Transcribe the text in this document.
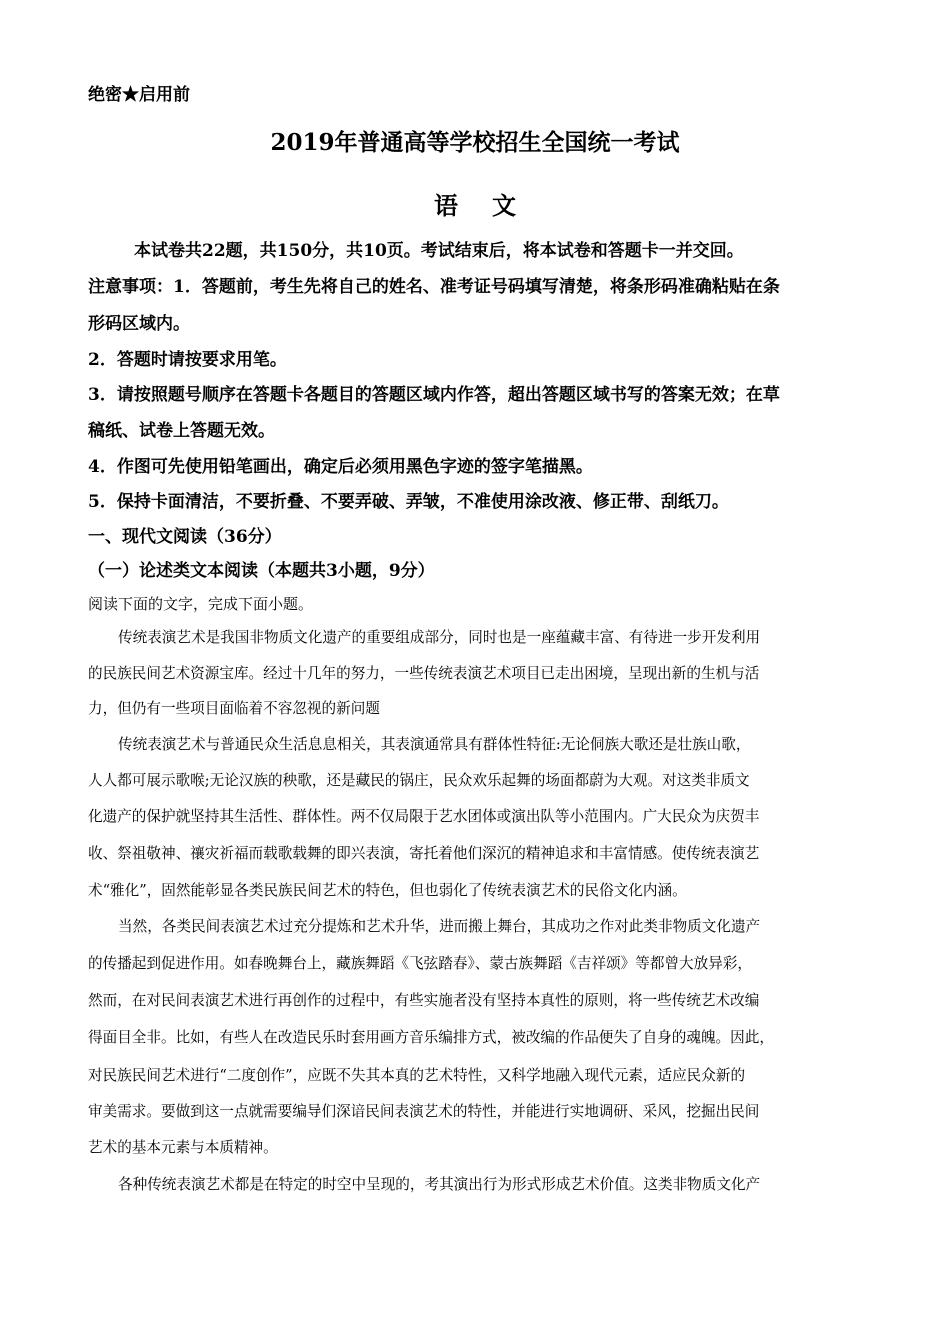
绝密★启用前
2019年普通高等学校招生全国统一考试
语文
本试卷共22题，共150分，共10页。考试结束后，将本试卷和答题卡一并交回。
注意事项：1．答题前，考生先将自己的姓名、准考证号码填写清楚，将条形码准确粘贴在条
形码区域内。
2．答题时请按要求用笔。
3．请按照题号顺序在答题卡各题目的答题区域内作答，超出答题区域书写的答案无效；在草
稿纸、试卷上答题无效。
4．作图可先使用铅笔画出，确定后必须用黑色字迹的签字笔描黑。
5．保持卡面清洁，不要折叠、不要弄破、弄皱，不准使用涂改液、修正带、刮纸刀。
一、现代文阅读（36分）
（一）论述类文本阅读（本题共3小题，9分）
阅读下面的文字，完成下面小题。
传统表演艺术是我国非物质文化遗产的重要组成部分，同时也是一座蕴藏丰富、有待进一步开发利用
的民族民间艺术资源宝库。经过十几年的努力，一些传统表演艺术项目已走出困境，呈现出新的生机与活
力，但仍有一些项目面临着不容忽视的新问题
传统表演艺术与普通民众生活息息相关，其表演通常具有群体性特征:无论侗族大歌还是壮族山歌，
人人都可展示歌喉;无论汉族的秧歌，还是藏民的锅庄，民众欢乐起舞的场面都蔚为大观。对这类非质文
化遗产的保护就坚持其生活性、群体性。两不仅局限于艺水团体或演出队等小范围内。广大民众为庆贺丰
收、祭祖敬神、禳灾祈福而载歌载舞的即兴表演，寄托着他们深沉的精神追求和丰富情感。使传统表演艺
术“雅化”，固然能彰显各类民族民间艺术的特色，但也弱化了传统表演艺术的民俗文化内涵。
当然，各类民间表演艺术过充分提炼和艺术升华，进而搬上舞台，其成功之作对此类非物质文化遗产
的传播起到促进作用。如春晚舞台上，藏族舞蹈《飞弦踏春》、蒙古族舞蹈《吉祥颂》等都曾大放异彩，
然而，在对民间表演艺术进行再创作的过程中，有些实施者没有坚持本真性的原则，将一些传统艺术改编
得面目全非。比如，有些人在改造民乐时套用画方音乐编排方式，被改编的作品便失了自身的魂魄。因此，
对民族民间艺术进行“二度创作”，应既不失其本真的艺术特性，又科学地融入现代元素，适应民众新的
审美需求。要做到这一点就需要编导们深谙民间表演艺术的特性，并能进行实地调研、采风，挖掘出民间
艺术的基本元素与本质精神。
各种传统表演艺术都是在特定的时空中呈现的，考其演出行为形式形成艺术价值。这类非物质文化产
